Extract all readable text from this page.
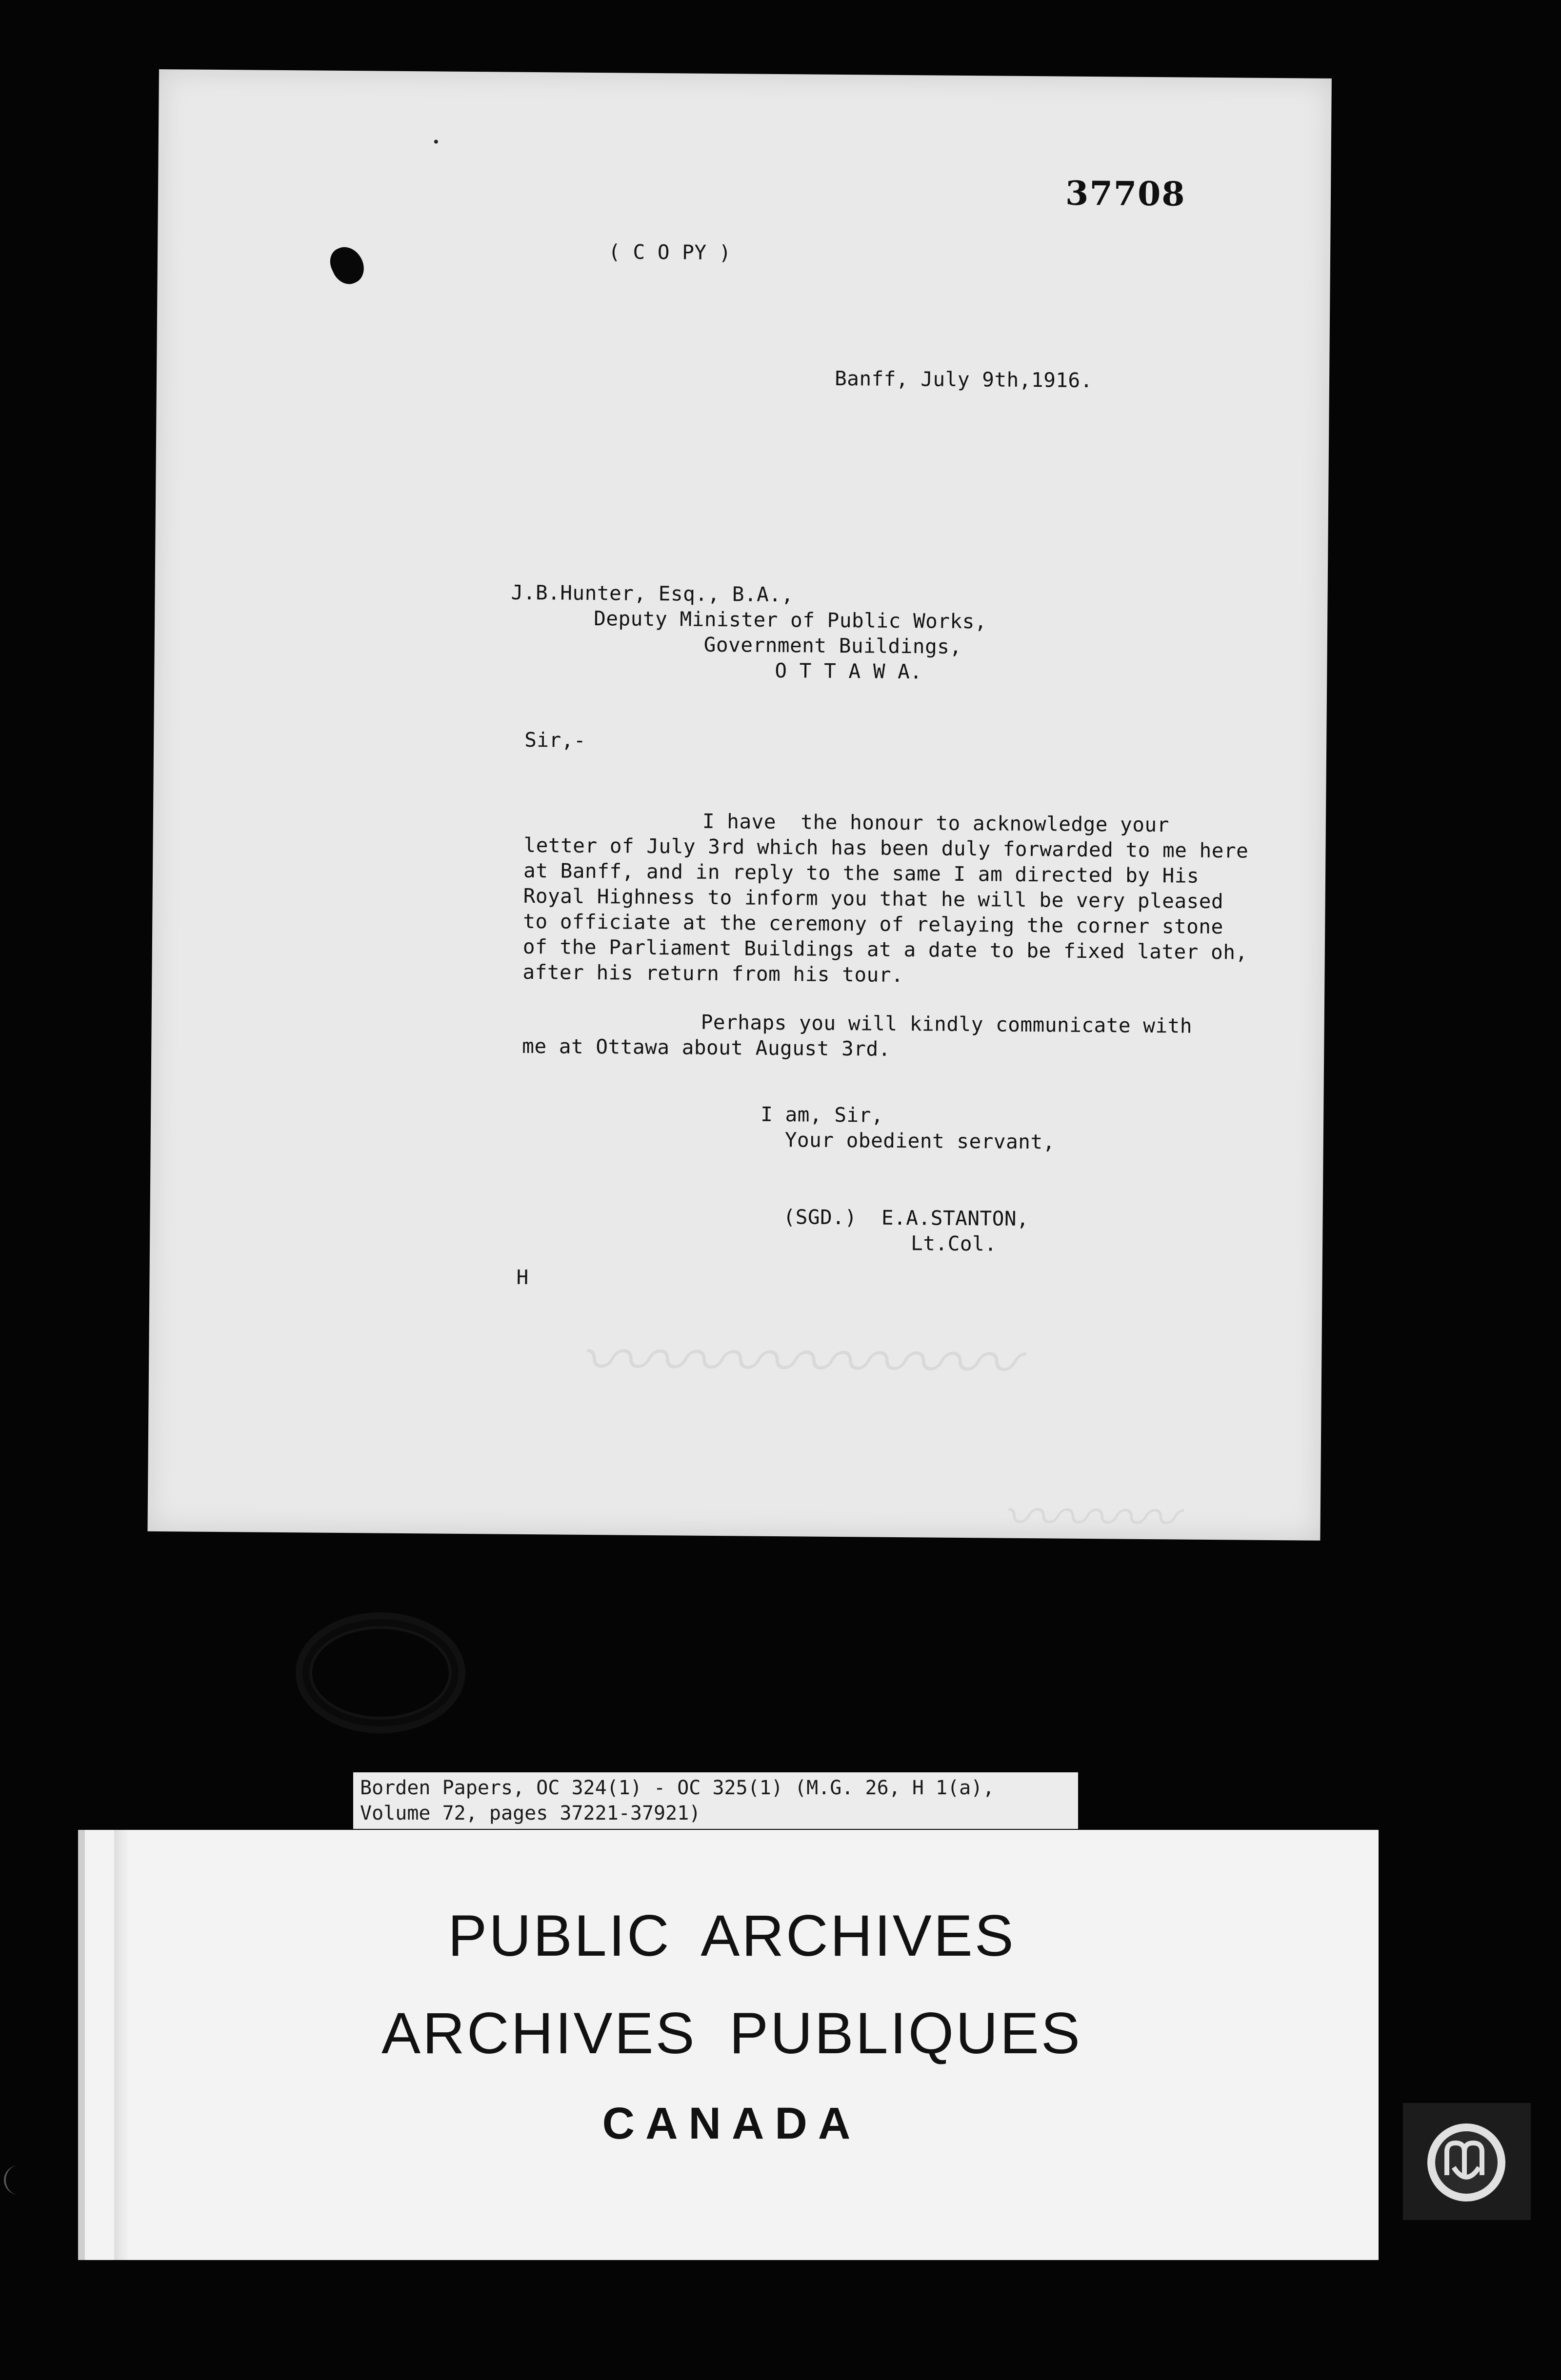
37708
( C O PY )
Banff, July 9th,1916.
J.B.Hunter, Esq., B.A.,
Deputy Minister of Public Works,
Government Buildings,
O T T A W A.
Sir,-
I have  the honour to acknowledge your
letter of July 3rd which has been duly forwarded to me here
at Banff, and in reply to the same I am directed by His
Royal Highness to inform you that he will be very pleased
to officiate at the ceremony of relaying the corner stone
of the Parliament Buildings at a date to be fixed later oh,
after his return from his tour.
Perhaps you will kindly communicate with
me at Ottawa about August 3rd.
I am, Sir,
Your obedient servant,
(SGD.)  E.A.STANTON,
Lt.Col.
H
〰〰〰〰〰〰
〰〰〰
Borden Papers, OC 324(1) - OC 325(1) (M.G. 26, H 1(a),
Volume 72, pages 37221-37921)
PUBLIC ARCHIVES
ARCHIVES PUBLIQUES
CANADA
